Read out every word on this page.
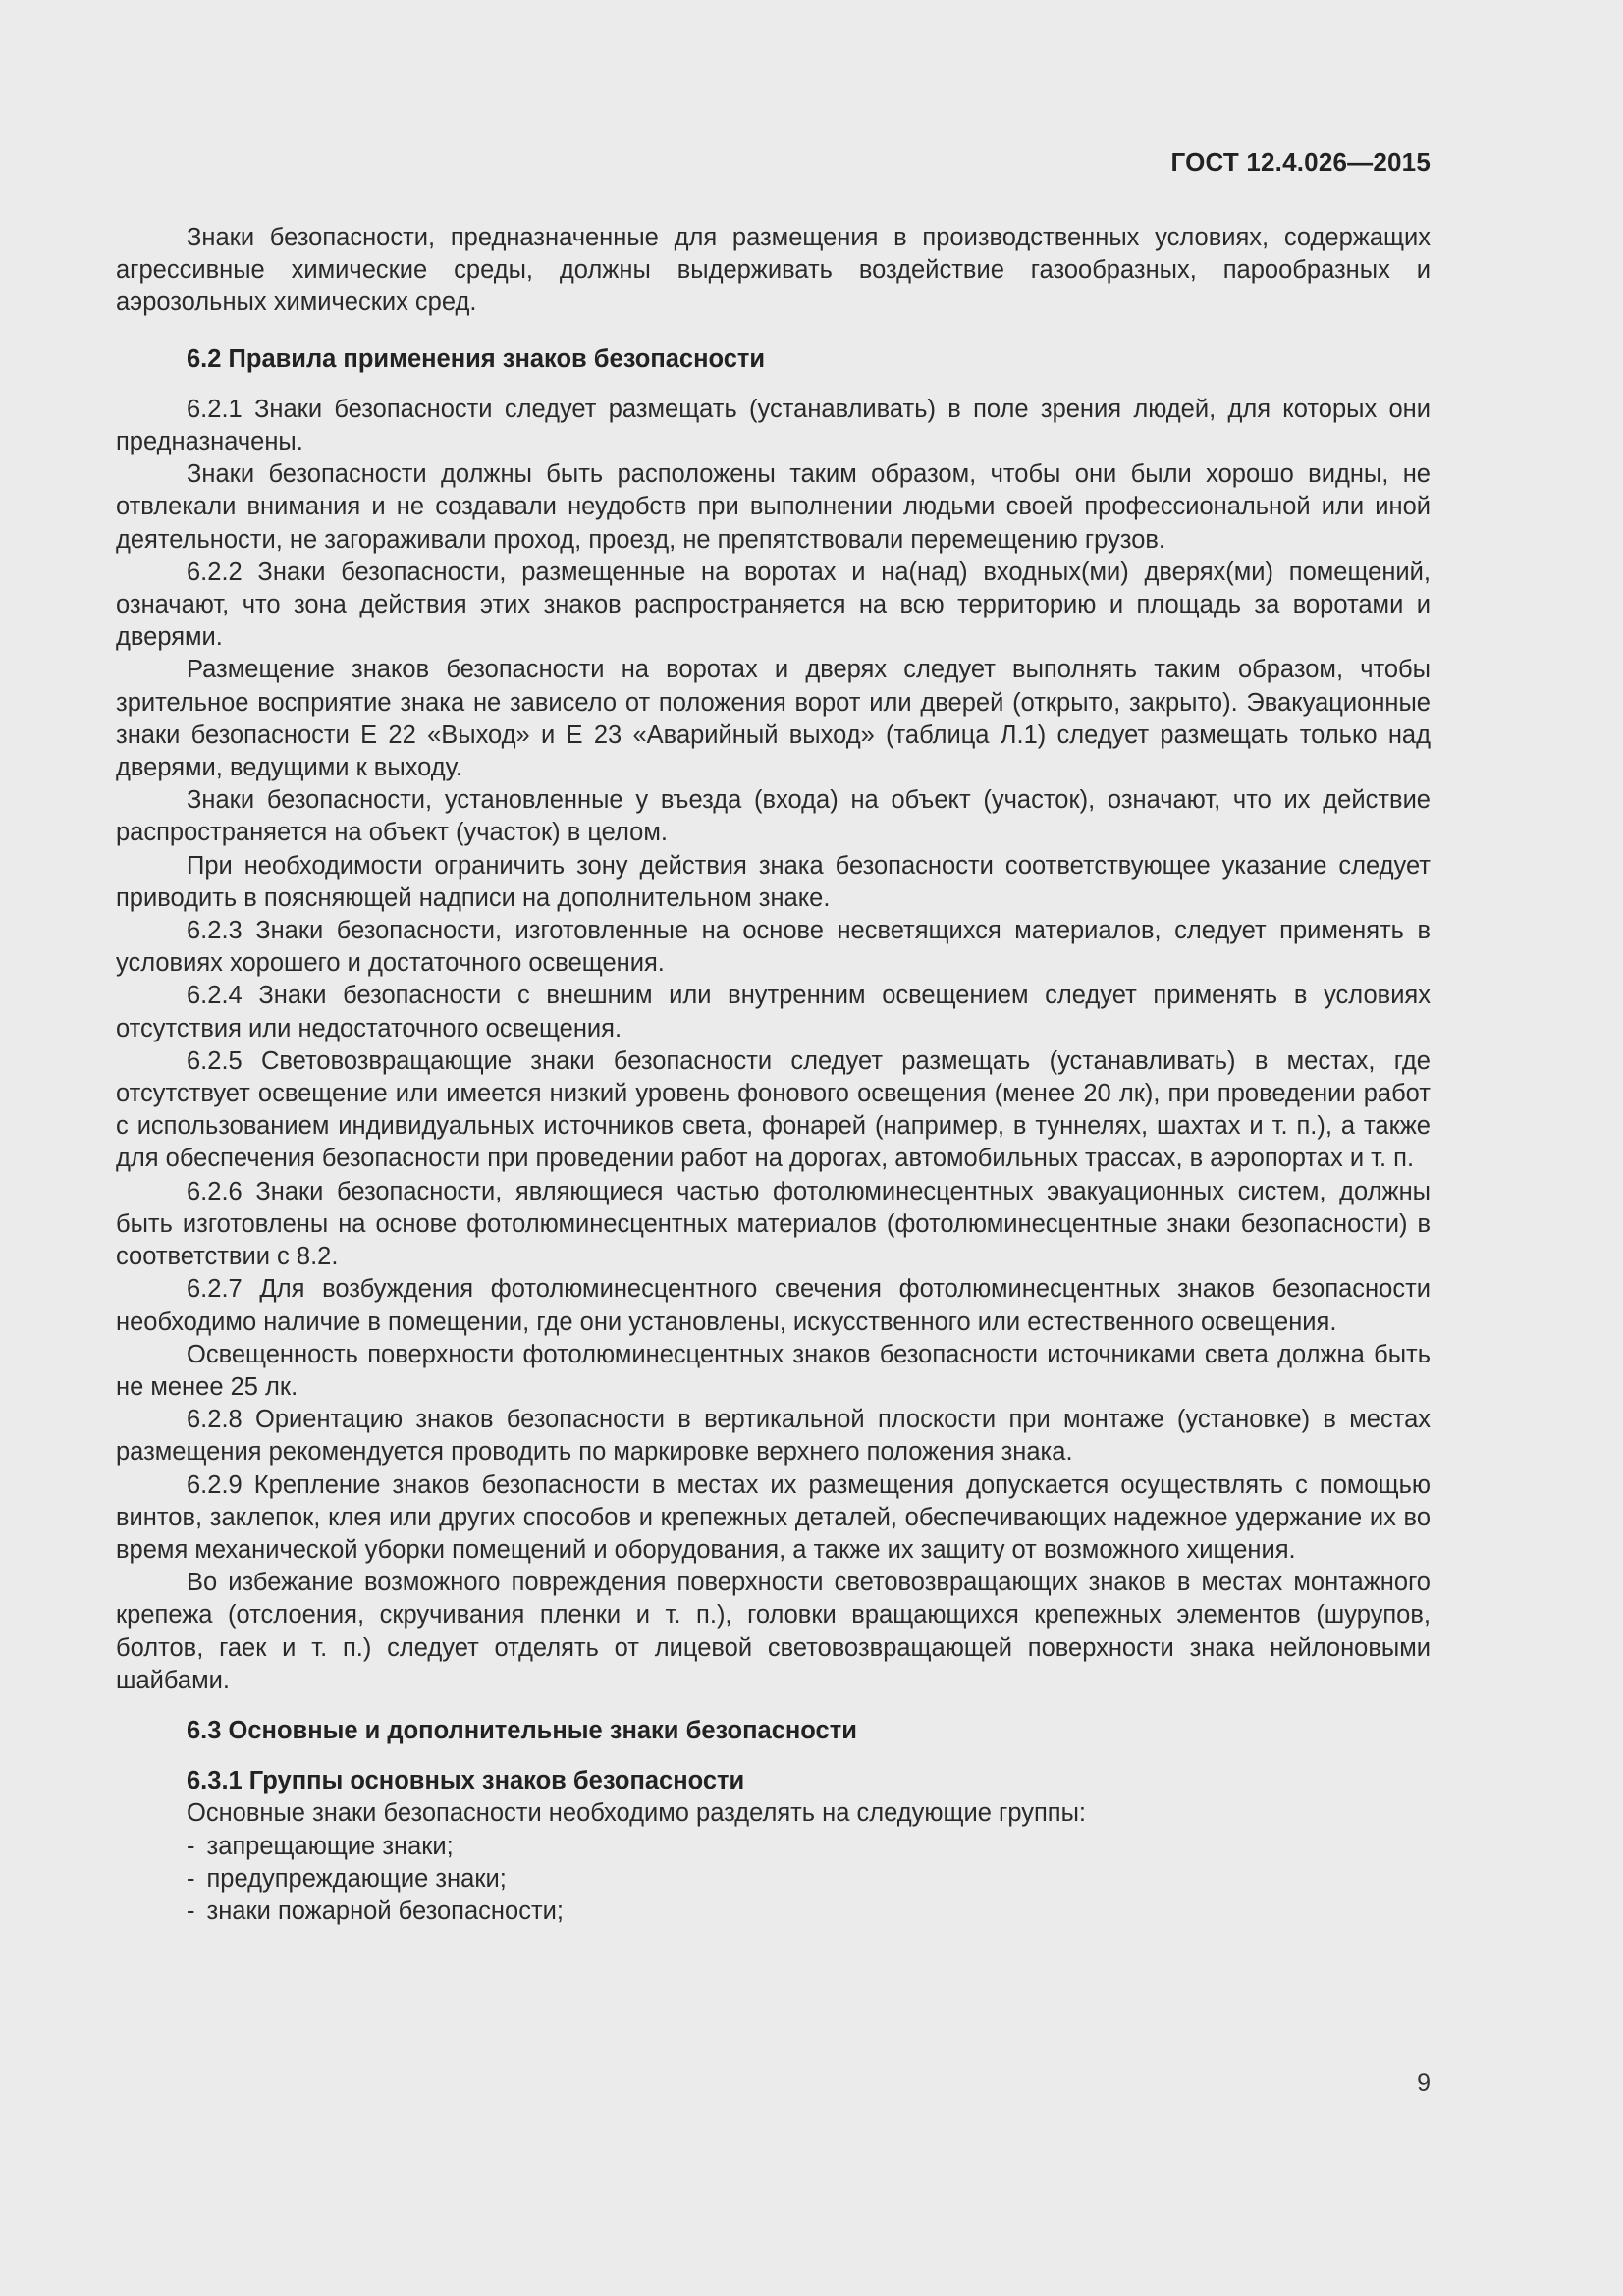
ГОСТ 12.4.026—2015

Знаки безопасности, предназначенные для размещения в производственных условиях, содержащих агрессивные химические среды, должны выдерживать воздействие газообразных, парообразных и аэрозольных химических сред.

6.2 Правила применения знаков безопасности

6.2.1 Знаки безопасности следует размещать (устанавливать) в поле зрения людей, для которых они предназначены.

Знаки безопасности должны быть расположены таким образом, чтобы они были хорошо видны, не отвлекали внимания и не создавали неудобств при выполнении людьми своей профессиональной или иной деятельности, не загораживали проход, проезд, не препятствовали перемещению грузов.

6.2.2 Знаки безопасности, размещенные на воротах и на(над) входных(ми) дверях(ми) помещений, означают, что зона действия этих знаков распространяется на всю территорию и площадь за воротами и дверями.

Размещение знаков безопасности на воротах и дверях следует выполнять таким образом, чтобы зрительное восприятие знака не зависело от положения ворот или дверей (открыто, закрыто). Эвакуационные знаки безопасности Е 22 «Выход» и Е 23 «Аварийный выход» (таблица Л.1) следует размещать только над дверями, ведущими к выходу.

Знаки безопасности, установленные у въезда (входа) на объект (участок), означают, что их действие распространяется на объект (участок) в целом.

При необходимости ограничить зону действия знака безопасности соответствующее указание следует приводить в поясняющей надписи на дополнительном знаке.

6.2.3 Знаки безопасности, изготовленные на основе несветящихся материалов, следует применять в условиях хорошего и достаточного освещения.

6.2.4 Знаки безопасности с внешним или внутренним освещением следует применять в условиях отсутствия или недостаточного освещения.

6.2.5 Световозвращающие знаки безопасности следует размещать (устанавливать) в местах, где отсутствует освещение или имеется низкий уровень фонового освещения (менее 20 лк), при проведении работ с использованием индивидуальных источников света, фонарей (например, в туннелях, шахтах и т. п.), а также для обеспечения безопасности при проведении работ на дорогах, автомобильных трассах, в аэропортах и т. п.

6.2.6 Знаки безопасности, являющиеся частью фотолюминесцентных эвакуационных систем, должны быть изготовлены на основе фотолюминесцентных материалов (фотолюминесцентные знаки безопасности) в соответствии с 8.2.

6.2.7 Для возбуждения фотолюминесцентного свечения фотолюминесцентных знаков безопасности необходимо наличие в помещении, где они установлены, искусственного или естественного освещения.

Освещенность поверхности фотолюминесцентных знаков безопасности источниками света должна быть не менее 25 лк.

6.2.8 Ориентацию знаков безопасности в вертикальной плоскости при монтаже (установке) в местах размещения рекомендуется проводить по маркировке верхнего положения знака.

6.2.9 Крепление знаков безопасности в местах их размещения допускается осуществлять с помощью винтов, заклепок, клея или других способов и крепежных деталей, обеспечивающих надежное удержание их во время механической уборки помещений и оборудования, а также их защиту от возможного хищения.

Во избежание возможного повреждения поверхности световозвращающих знаков в местах монтажного крепежа (отслоения, скручивания пленки и т. п.), головки вращающихся крепежных элементов (шурупов, болтов, гаек и т. п.) следует отделять от лицевой световозвращающей поверхности знака нейлоновыми шайбами.

6.3 Основные и дополнительные знаки безопасности
6.3.1 Группы основных знаков безопасности

Основные знаки безопасности необходимо разделять на следующие группы:

- запрещающие знаки;
- предупреждающие знаки;
- знаки пожарной безопасности;
9
